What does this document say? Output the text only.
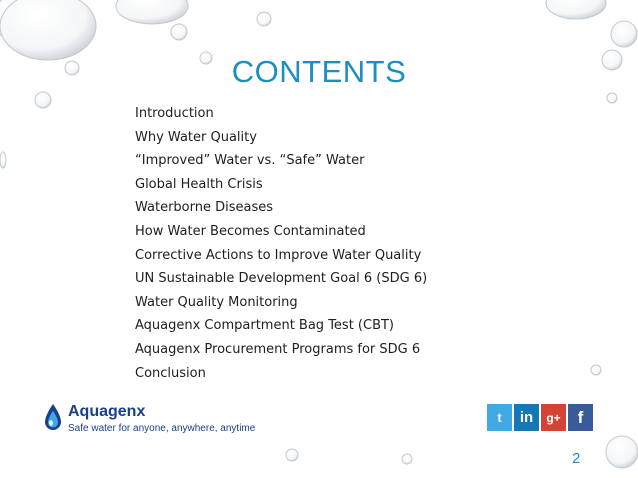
CONTENTS
Introduction
Why Water Quality
“Improved” Water vs. “Safe” Water
Global Health Crisis
Waterborne Diseases
How Water Becomes Contaminated
Corrective Actions to Improve Water Quality
UN Sustainable Development Goal 6 (SDG 6)
Water Quality Monitoring
Aquagenx Compartment Bag Test (CBT)
Aquagenx Procurement Programs for SDG 6
Conclusion
Aquagenx
Safe water for anyone, anywhere, anytime
t in g+ f
2
